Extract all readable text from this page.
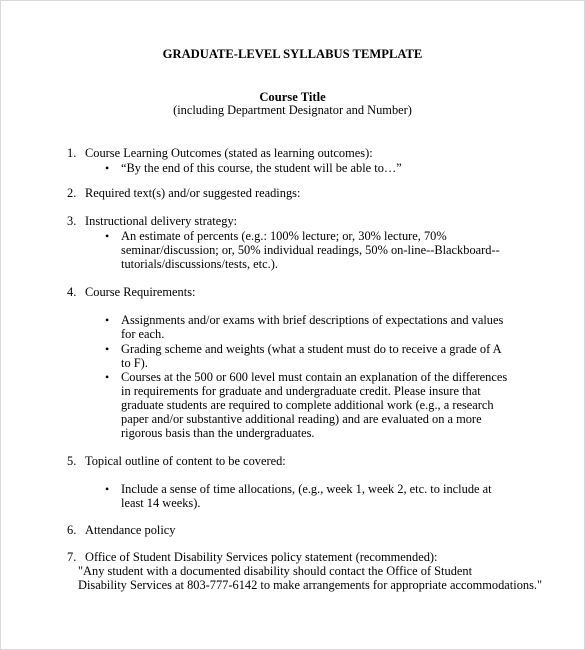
GRADUATE-LEVEL SYLLABUS TEMPLATE
Course Title
(including Department Designator and Number)
1. Course Learning Outcomes (stated as learning outcomes):
• “By the end of this course, the student will be able to…”
2. Required text(s) and/or suggested readings:
3. Instructional delivery strategy:
• An estimate of percents (e.g.: 100% lecture; or, 30% lecture, 70%
seminar/discussion; or, 50% individual readings, 50% on-line--Blackboard--
tutorials/discussions/tests, etc.).
4. Course Requirements:
• Assignments and/or exams with brief descriptions of expectations and values
for each.
• Grading scheme and weights (what a student must do to receive a grade of A
to F).
• Courses at the 500 or 600 level must contain an explanation of the differences
in requirements for graduate and undergraduate credit. Please insure that
graduate students are required to complete additional work (e.g., a research
paper and/or substantive additional reading) and are evaluated on a more
rigorous basis than the undergraduates.
5. Topical outline of content to be covered:
• Include a sense of time allocations, (e.g., week 1, week 2, etc. to include at
least 14 weeks).
6. Attendance policy
7. Office of Student Disability Services policy statement (recommended):
"Any student with a documented disability should contact the Office of Student
Disability Services at 803-777-6142 to make arrangements for appropriate accommodations."
